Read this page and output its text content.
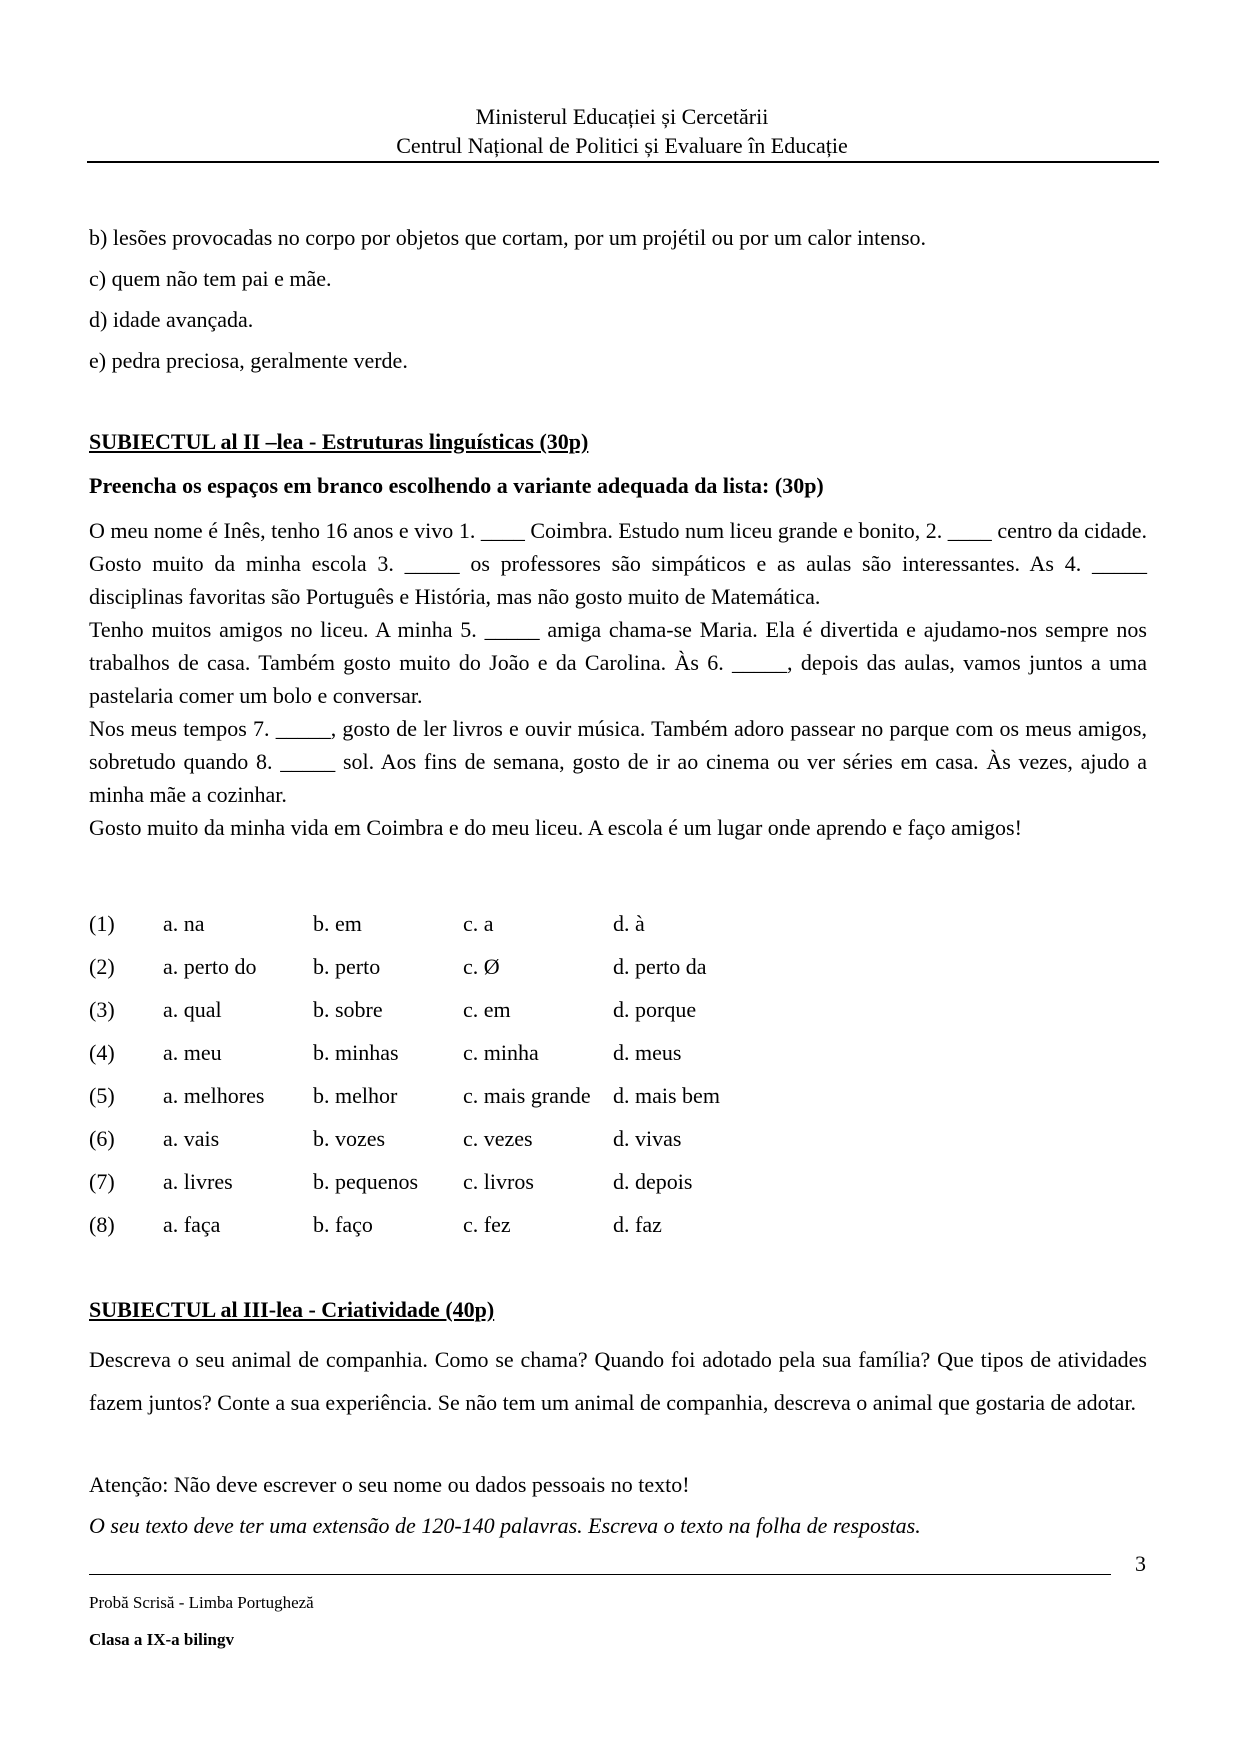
Ministerul Educației și Cercetării
Centrul Național de Politici și Evaluare în Educație
b) lesões provocadas no corpo por objetos que cortam, por um projétil ou por um calor intenso.
c) quem não tem pai e mãe.
d) idade avançada.
e) pedra preciosa, geralmente verde.
SUBIECTUL al II –lea - Estruturas linguísticas (30p)
Preencha os espaços em branco escolhendo a variante adequada da lista: (30p)
O meu nome é Inês, tenho 16 anos e vivo 1. ____ Coimbra. Estudo num liceu grande e bonito, 2. ____ centro da cidade. Gosto muito da minha escola 3. _____ os professores são simpáticos e as aulas são interessantes. As 4. _____ disciplinas favoritas são Português e História, mas não gosto muito de Matemática.
Tenho muitos amigos no liceu. A minha 5. _____ amiga chama-se Maria. Ela é divertida e ajudamo-nos sempre nos trabalhos de casa. Também gosto muito do João e da Carolina. Às 6. _____, depois das aulas, vamos juntos a uma pastelaria comer um bolo e conversar.
Nos meus tempos 7. _____, gosto de ler livros e ouvir música. Também adoro passear no parque com os meus amigos, sobretudo quando 8. _____ sol. Aos fins de semana, gosto de ir ao cinema ou ver séries em casa. Às vezes, ajudo a minha mãe a cozinhar.
Gosto muito da minha vida em Coimbra e do meu liceu. A escola é um lugar onde aprendo e faço amigos!
(1) a. na	b. em	c. a	d. à
(2) a. perto do	b. perto	c. Ø	d. perto da
(3) a. qual	b. sobre	c. em	d. porque
(4) a. meu	b. minhas	c. minha	d. meus
(5) a. melhores b. melhor	c. mais grande d. mais bem
(6) a. vais	b. vozes	c. vezes	d. vivas
(7) a. livres	b. pequenos c. livros	d. depois
(8) a. faça	b. faço	c. fez	d. faz
SUBIECTUL al III-lea - Criatividade (40p)
Descreva o seu animal de companhia. Como se chama? Quando foi adotado pela sua família? Que tipos de atividades fazem juntos? Conte a sua experiência. Se não tem um animal de companhia, descreva o animal que gostaria de adotar.
Atenção: Não deve escrever o seu nome ou dados pessoais no texto!
O seu texto deve ter uma extensão de 120-140 palavras. Escreva o texto na folha de respostas.
3
Probă Scrisă - Limba Portugheză
Clasa a IX-a bilingv
